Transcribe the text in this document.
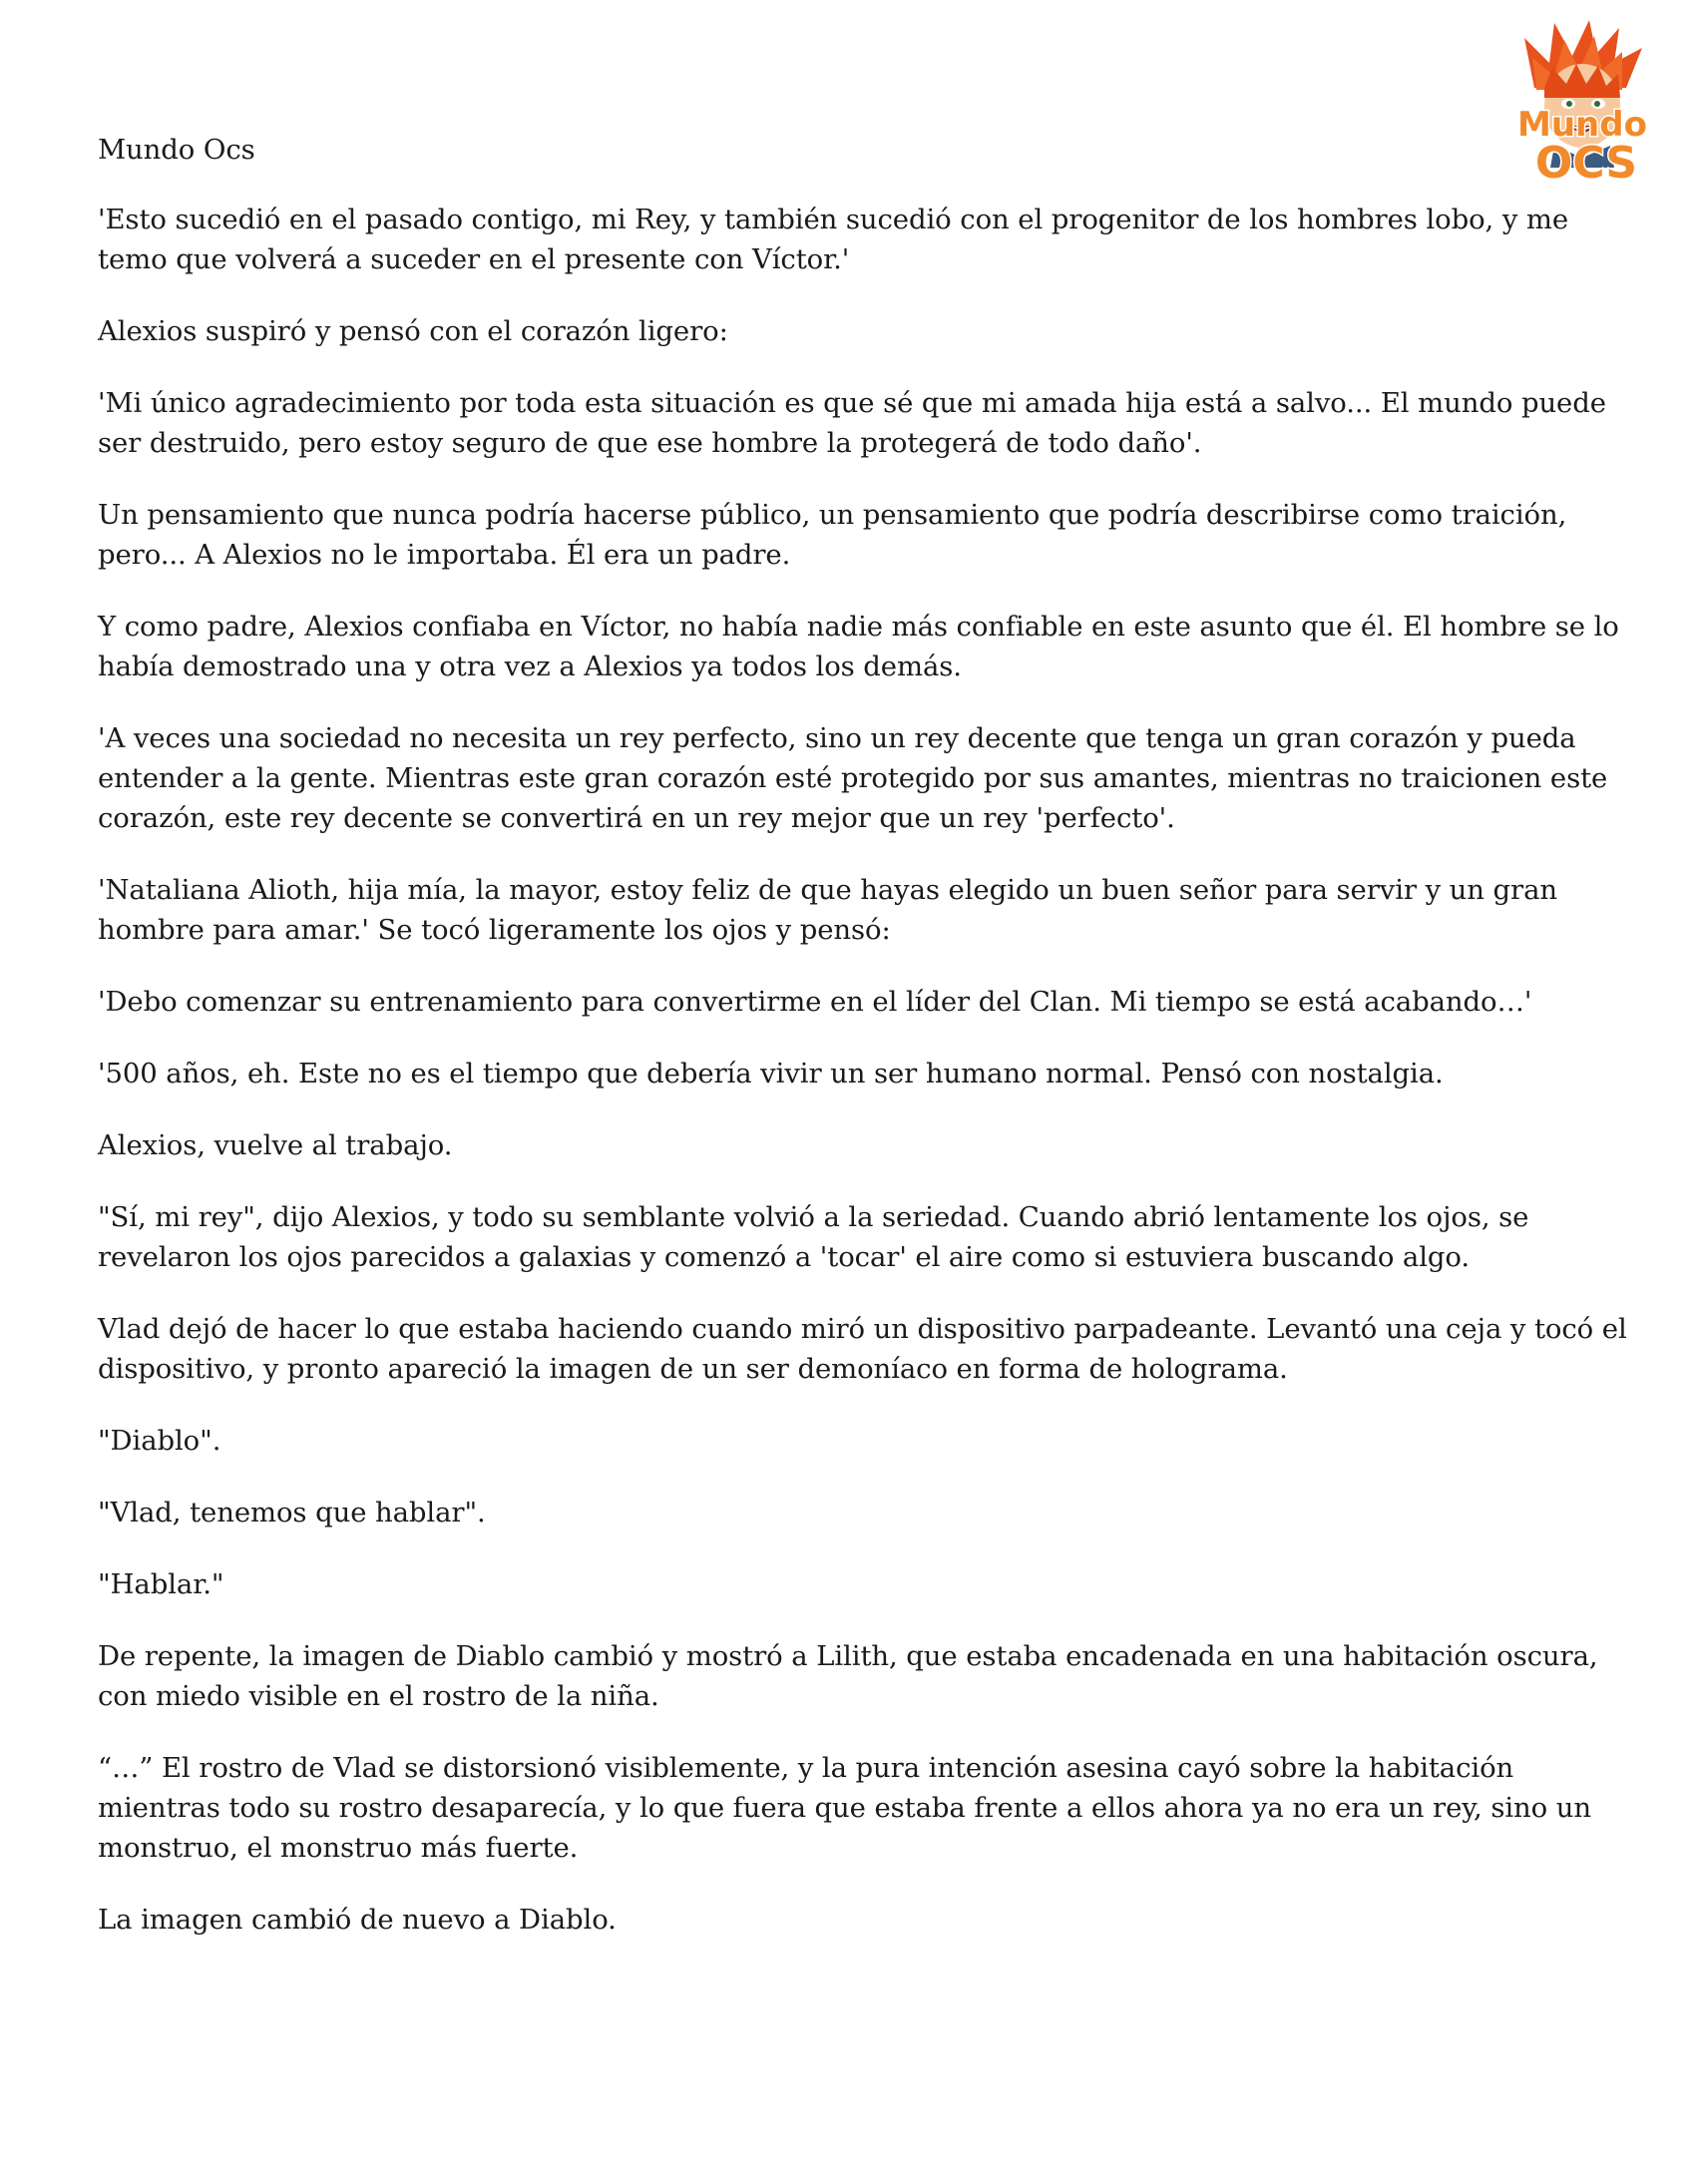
Mundo
OCS

Mundo Ocs

'Esto sucedió en el pasado contigo, mi Rey, y también sucedió con el progenitor de los hombres lobo, y me temo que volverá a suceder en el presente con Víctor.'

Alexios suspiró y pensó con el corazón ligero:

'Mi único agradecimiento por toda esta situación es que sé que mi amada hija está a salvo... El mundo puede ser destruido, pero estoy seguro de que ese hombre la protegerá de todo daño'.

Un pensamiento que nunca podría hacerse público, un pensamiento que podría describirse como traición, pero... A Alexios no le importaba. Él era un padre.

Y como padre, Alexios confiaba en Víctor, no había nadie más confiable en este asunto que él. El hombre se lo había demostrado una y otra vez a Alexios ya todos los demás.

'A veces una sociedad no necesita un rey perfecto, sino un rey decente que tenga un gran corazón y pueda entender a la gente. Mientras este gran corazón esté protegido por sus amantes, mientras no traicionen este corazón, este rey decente se convertirá en un rey mejor que un rey 'perfecto'.

'Nataliana Alioth, hija mía, la mayor, estoy feliz de que hayas elegido un buen señor para servir y un gran hombre para amar.' Se tocó ligeramente los ojos y pensó:

'Debo comenzar su entrenamiento para convertirme en el líder del Clan. Mi tiempo se está acabando…'

'500 años, eh. Este no es el tiempo que debería vivir un ser humano normal. Pensó con nostalgia.

Alexios, vuelve al trabajo.

"Sí, mi rey", dijo Alexios, y todo su semblante volvió a la seriedad. Cuando abrió lentamente los ojos, se revelaron los ojos parecidos a galaxias y comenzó a 'tocar' el aire como si estuviera buscando algo.

Vlad dejó de hacer lo que estaba haciendo cuando miró un dispositivo parpadeante. Levantó una ceja y tocó el dispositivo, y pronto apareció la imagen de un ser demoníaco en forma de holograma.

"Diablo".

"Vlad, tenemos que hablar".

"Hablar."

De repente, la imagen de Diablo cambió y mostró a Lilith, que estaba encadenada en una habitación oscura, con miedo visible en el rostro de la niña.

“…” El rostro de Vlad se distorsionó visiblemente, y la pura intención asesina cayó sobre la habitación mientras todo su rostro desaparecía, y lo que fuera que estaba frente a ellos ahora ya no era un rey, sino un monstruo, el monstruo más fuerte.

La imagen cambió de nuevo a Diablo.
